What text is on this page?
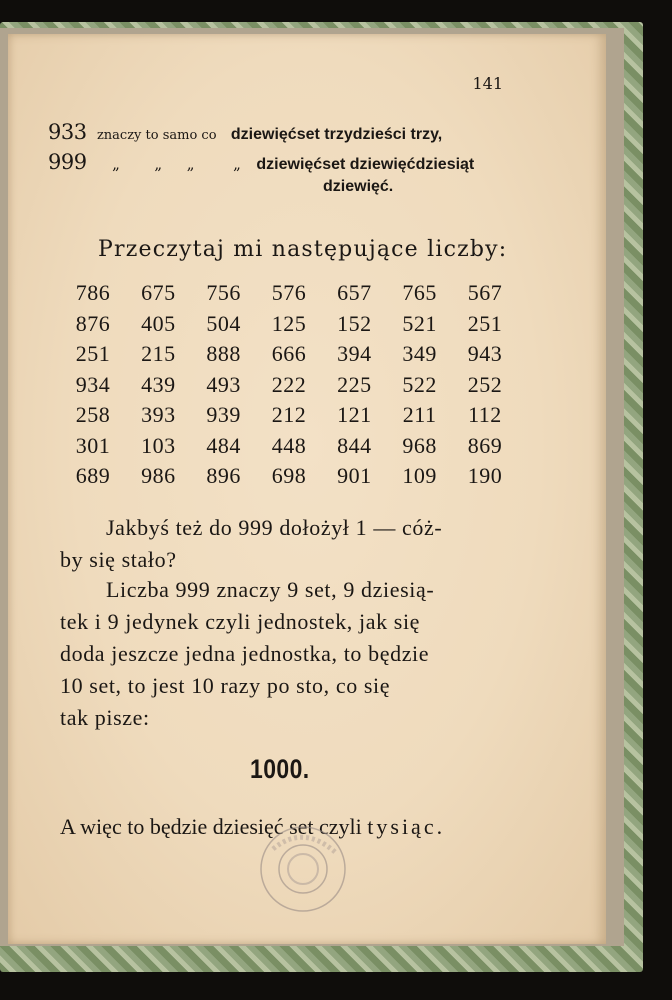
141
933 znaczy to samo co dziewięćset trzydzieści trzy,
999 „ „ „	„ dziewięćset dziewięćdziesiąt
dziewięć.
Przeczytaj mi następujące liczby:
786	675	756	576	657	765	567
876	405	504	125	152	521	251
251	215	888	666	394	349	943
934	439	493	222	225	522	252
258	393	939	212	121	211	112
301	103	484	448	844	968	869
689	986	896	698	901	109	190
Jakbyś też do 999 dołożył 1 — cóż-
by się stało?
Liczba 999 znaczy 9 set, 9 dziesią-
tek i 9 jedynek czyli jednostek, jak się
doda jeszcze jedna jednostka, to będzie
10 set, to jest 10 razy po sto, co się
tak pisze:
1000.
A więc to będzie dziesięć set czyli tysiąc.
